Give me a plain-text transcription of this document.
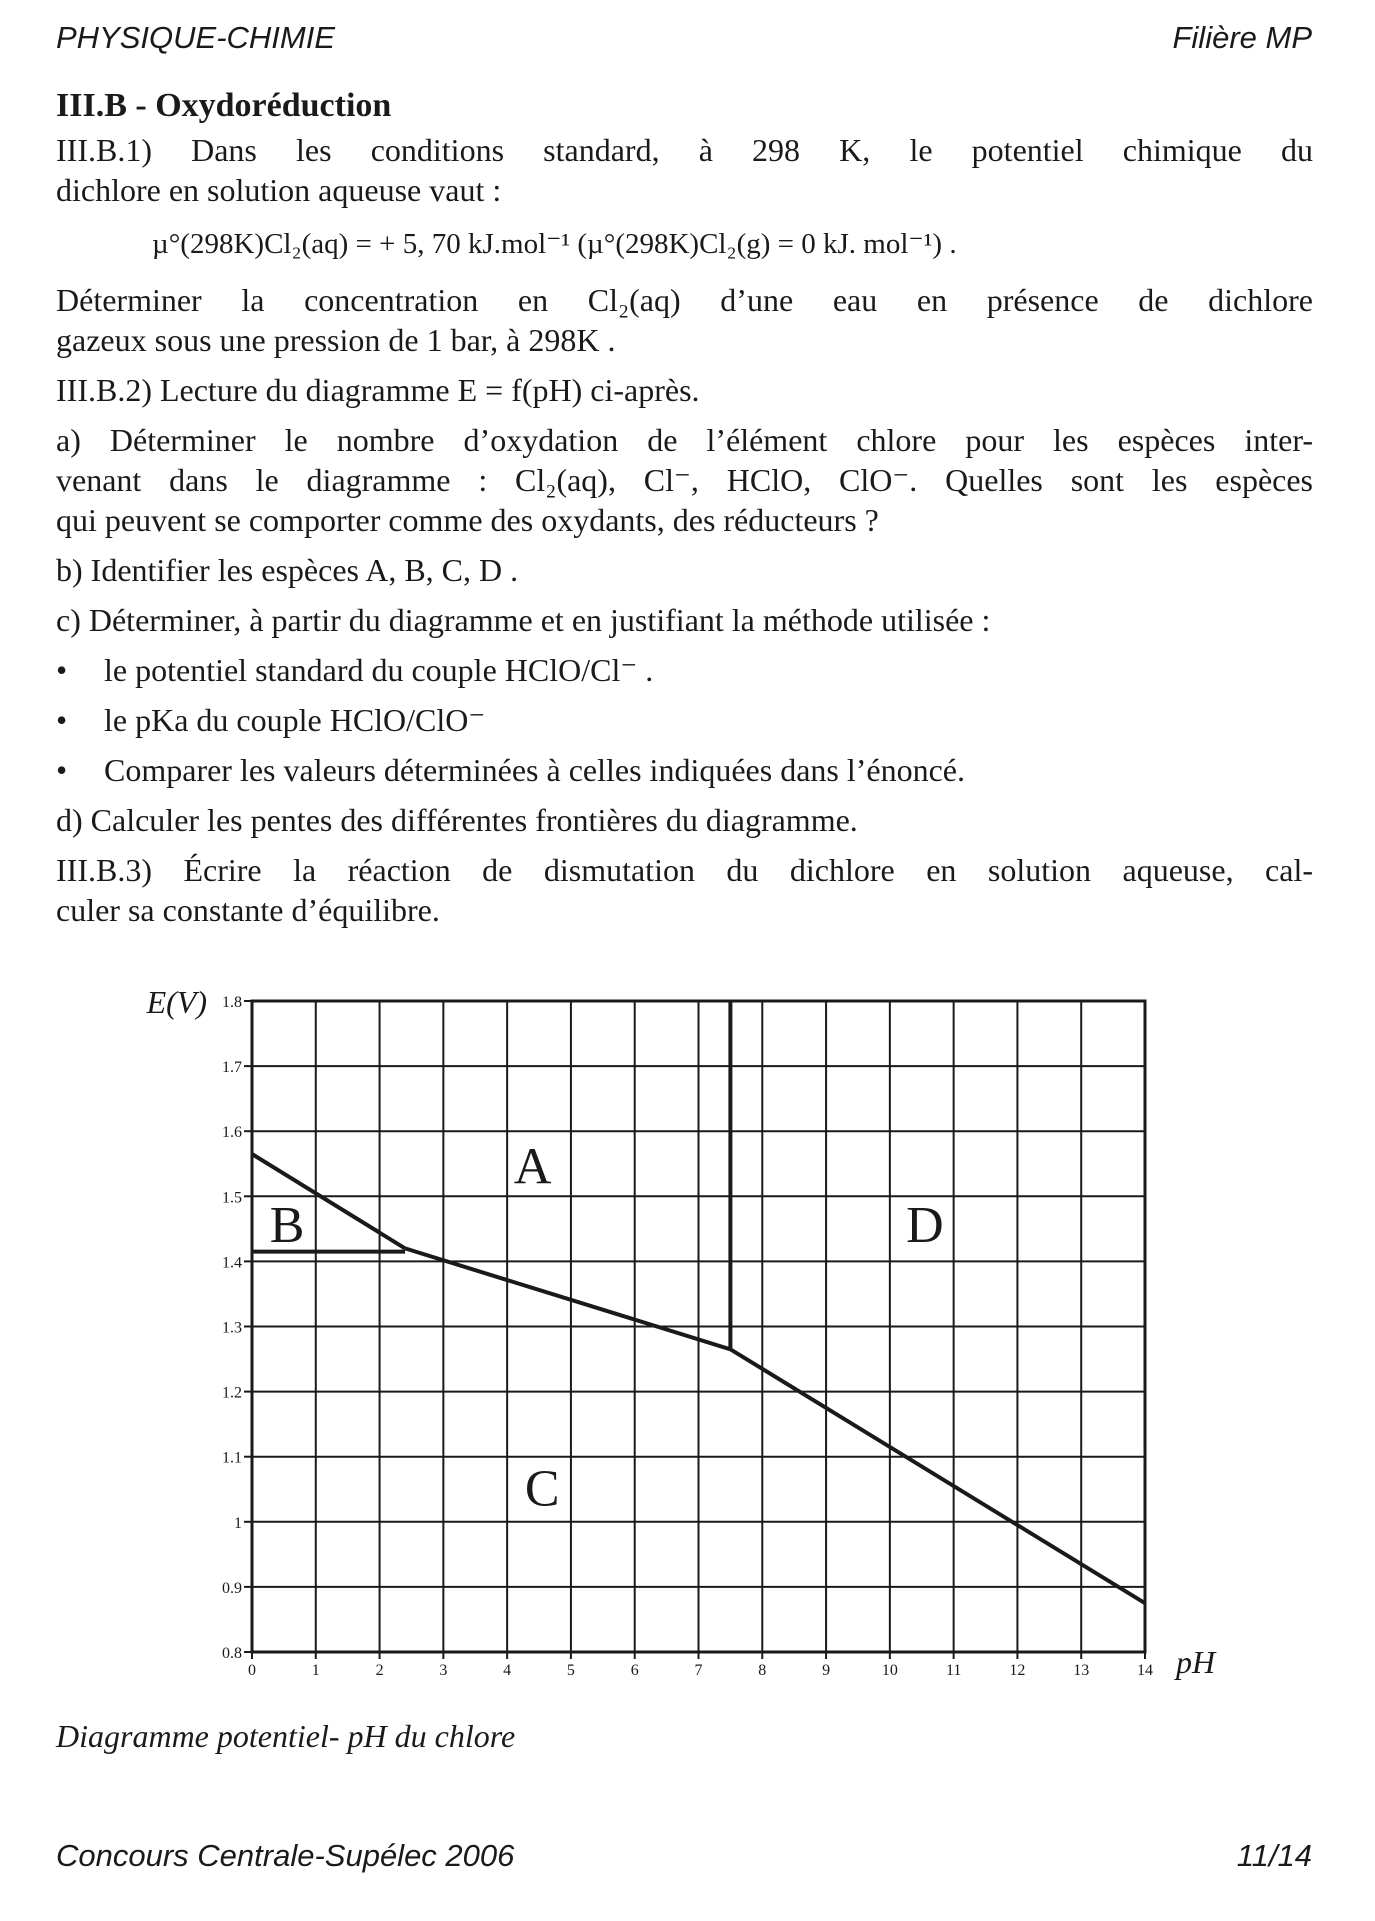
PHYSIQUE-CHIMIE	Filière MP

III.B - Oxydoréduction

III.B.1) Dans les conditions standard, à 298 K, le potentiel chimique du

dichlore en solution aqueuse vaut :

µ°(298K)Cl₂(aq) = + 5, 70 kJ.mol⁻¹ (µ°(298K)Cl₂(g) = 0 kJ. mol⁻¹) .

Déterminer la concentration en Cl₂(aq) d’une eau en présence de dichlore

gazeux sous une pression de 1 bar, à 298K .

III.B.2) Lecture du diagramme E = f(pH) ci-après.

a) Déterminer le nombre d’oxydation de l’élément chlore pour les espèces inter-

venant dans le diagramme : Cl₂(aq), Cl⁻, HClO, ClO⁻. Quelles sont les espèces

qui peuvent se comporter comme des oxydants, des réducteurs ?

b) Identifier les espèces A, B, C, D .

c) Déterminer, à partir du diagramme et en justifiant la méthode utilisée :

•	le potentiel standard du couple HClO/Cl⁻ .
•	le pKa du couple HClO/ClO⁻
•	Comparer les valeurs déterminées à celles indiquées dans l’énoncé.

d) Calculer les pentes des différentes frontières du diagramme.

III.B.3) Écrire la réaction de dismutation du dichlore en solution aqueuse, cal-

culer sa constante d’équilibre.

0	1	2	3	4	5	6	7	8	9	10	11	12	13	14
0.8
0.9
1
1.1
1.2
1.3
1.4
1.5
1.6
1.7
1.8
A
B
C
D
E(V)
pH
Diagramme potentiel- pH du chlore
Concours Centrale-Supélec 2006	11/14
